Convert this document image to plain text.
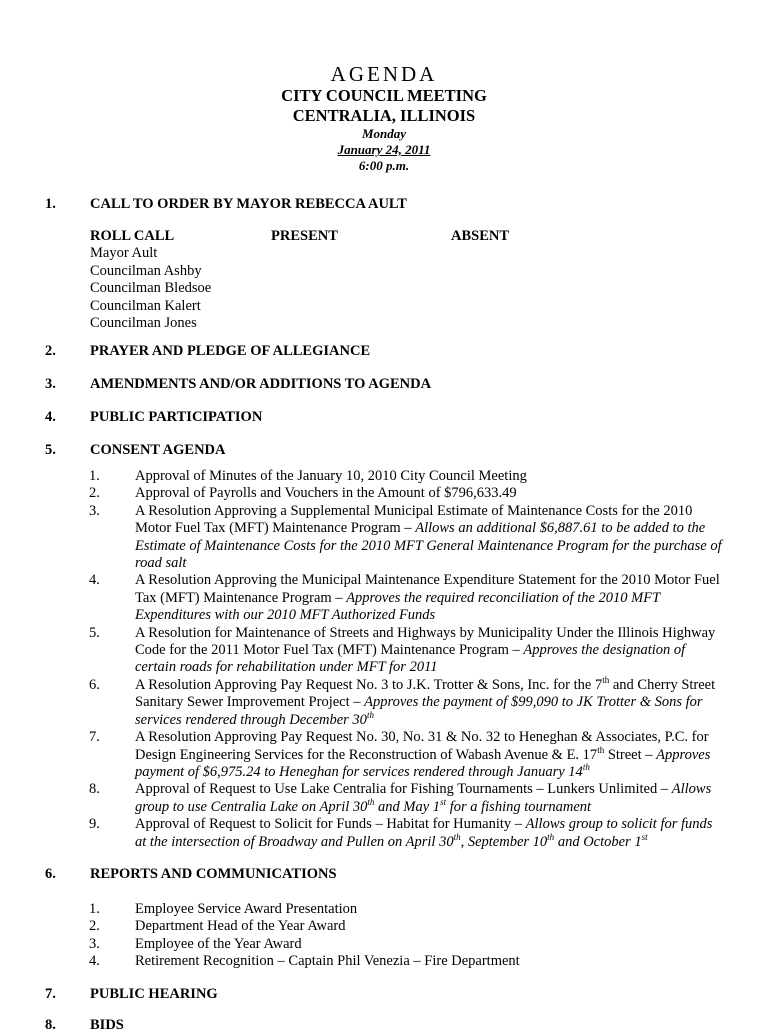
AGENDA
CITY COUNCIL MEETING
CENTRALIA, ILLINOIS
Monday
January 24, 2011
6:00 p.m.
1. CALL TO ORDER BY MAYOR REBECCA AULT
ROLL CALL	PRESENT	ABSENT
Mayor Ault
Councilman Ashby
Councilman Bledsoe
Councilman Kalert
Councilman Jones
2. PRAYER AND PLEDGE OF ALLEGIANCE
3. AMENDMENTS AND/OR ADDITIONS TO AGENDA
4. PUBLIC PARTICIPATION
5. CONSENT AGENDA
1. Approval of Minutes of the January 10, 2010 City Council Meeting
2. Approval of Payrolls and Vouchers in the Amount of $796,633.49
3. A Resolution Approving a Supplemental Municipal Estimate of Maintenance Costs for the 2010 Motor Fuel Tax (MFT) Maintenance Program – Allows an additional $6,887.61 to be added to the Estimate of Maintenance Costs for the 2010 MFT General Maintenance Program for the purchase of road salt
4. A Resolution Approving the Municipal Maintenance Expenditure Statement for the 2010 Motor Fuel Tax (MFT) Maintenance Program – Approves the required reconciliation of the 2010 MFT Expenditures with our 2010 MFT Authorized Funds
5. A Resolution for Maintenance of Streets and Highways by Municipality Under the Illinois Highway Code for the 2011 Motor Fuel Tax (MFT) Maintenance Program – Approves the designation of certain roads for rehabilitation under MFT for 2011
6. A Resolution Approving Pay Request No. 3 to J.K. Trotter & Sons, Inc. for the 7th and Cherry Street Sanitary Sewer Improvement Project – Approves the payment of $99,090 to JK Trotter & Sons for services rendered through December 30th
7. A Resolution Approving Pay Request No. 30, No. 31 & No. 32 to Heneghan & Associates, P.C. for Design Engineering Services for the Reconstruction of Wabash Avenue & E. 17th Street – Approves payment of $6,975.24 to Heneghan for services rendered through January 14th
8. Approval of Request to Use Lake Centralia for Fishing Tournaments – Lunkers Unlimited – Allows group to use Centralia Lake on April 30th and May 1st for a fishing tournament
9. Approval of Request to Solicit for Funds – Habitat for Humanity – Allows group to solicit for funds at the intersection of Broadway and Pullen on April 30th, September 10th and October 1st
6. REPORTS AND COMMUNICATIONS
1. Employee Service Award Presentation
2. Department Head of the Year Award
3. Employee of the Year Award
4. Retirement Recognition – Captain Phil Venezia – Fire Department
7. PUBLIC HEARING
8. BIDS
